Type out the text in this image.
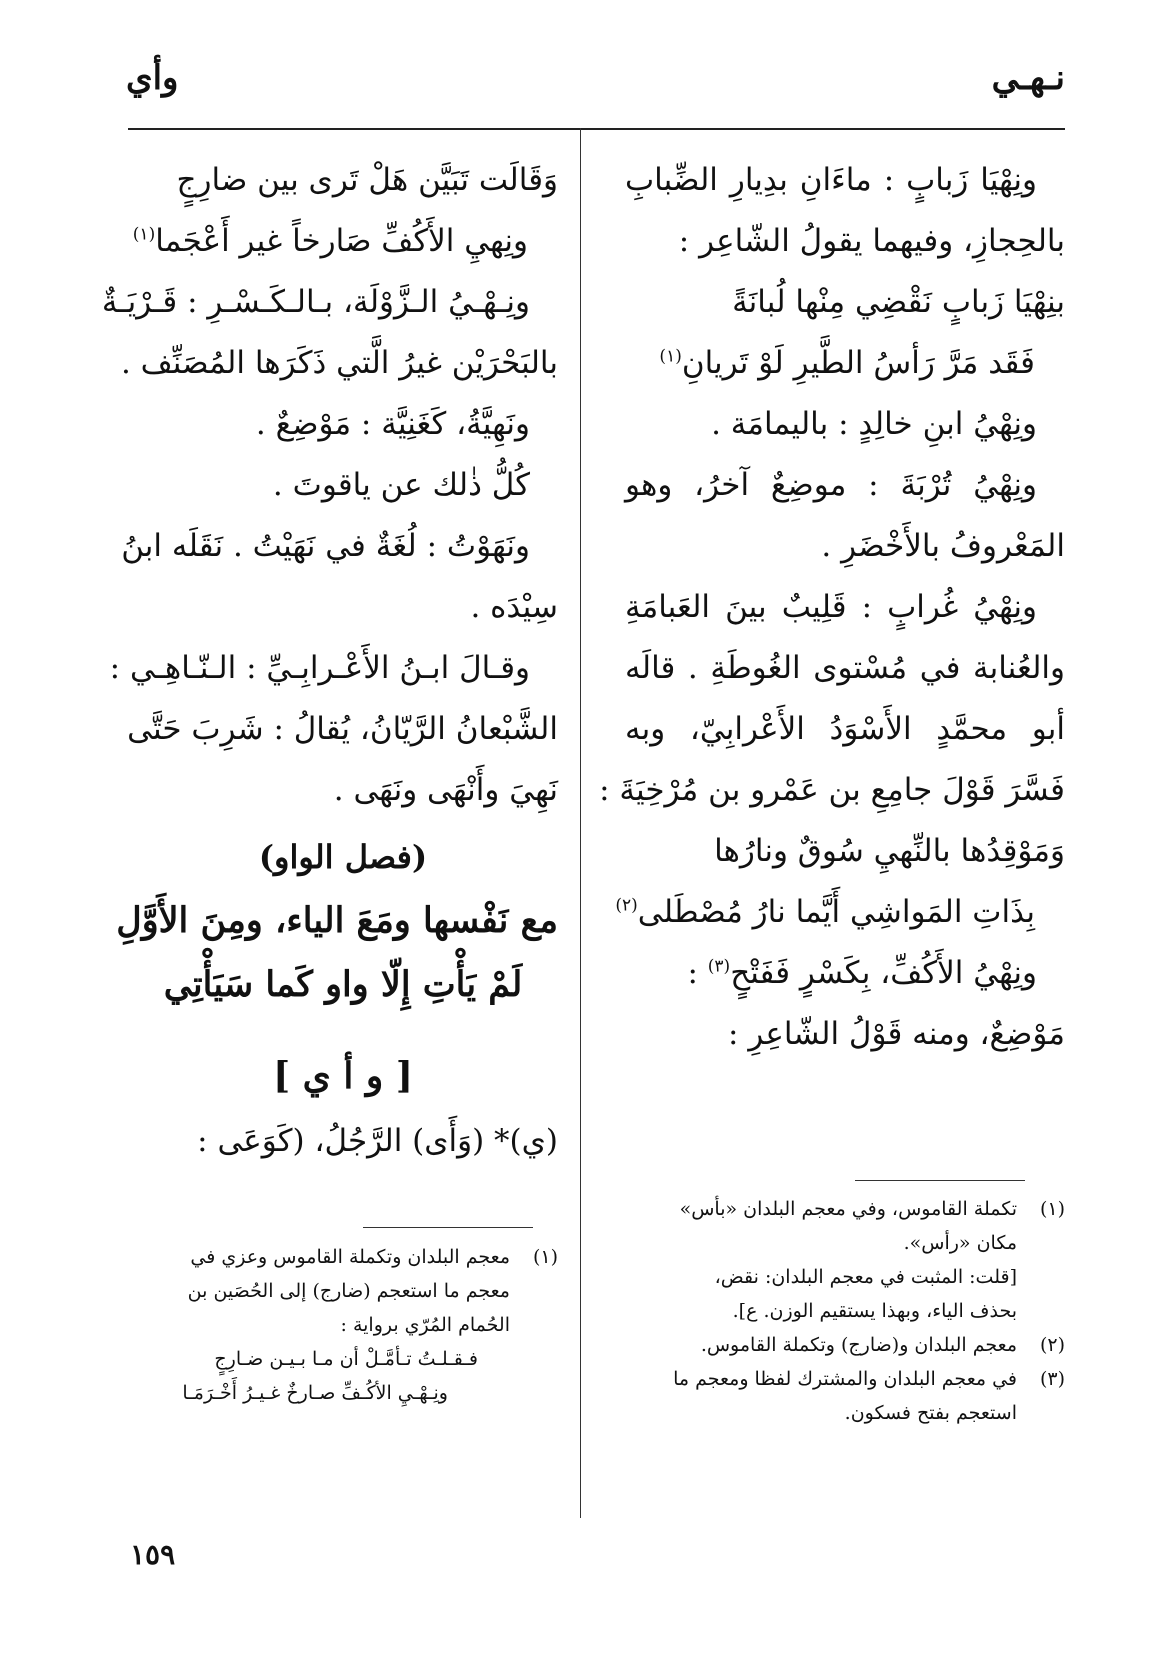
نـهـي
وأي
ونِهْيَا زَبابٍ : ماءَانِ بدِيارِ الضِّبابِ
بالحِجازِ، وفيهما يقولُ الشّاعِر :
بنِهْيَا زَبابٍ نَقْضِي مِنْها لُبانَةً
فَقَد مَرَّ رَأسُ الطَّيرِ لَوْ تَريانِ$^{(١)}$
ونِهْيُ ابنِ خالِدٍ : باليمامَة .
ونِهْيُ تُرْبَةَ : موضِعٌ آخرُ، وهو
المَعْروفُ بالأَخْضَرِ .
ونِهْيُ غُرابٍ : قَلِيبٌ بينَ العَبامَةِ
والعُنابة في مُسْتوى الغُوطَةِ . قالَه
أبو محمَّدٍ الأَسْوَدُ الأَعْرابِيّ، وبه
فَسَّرَ قَوْلَ جامِعِ بن عَمْرو بن مُرْخِيَةَ :
وَمَوْقِدُها بالنِّهيِ سُوقٌ ونارُها
بِذَاتِ المَواشِي أَيَّما نارُ مُصْطَلى$^{(٢)}$
ونِهْيُ الأَكُفِّ، بِكَسْرٍ فَفَتْحٍ$^{(٣)}$ :
مَوْضِعٌ، ومنه قَوْلُ الشّاعِرِ :
وَقَالَت تَبَيَّن هَلْ تَرى بين ضارِجٍ
ونِهيِ الأَكُفِّ صَارخاً غير أَعْجَما$^{(١)}$
ونِـهْـيُ الـزَّوْلَة، بـالـكَـسْـرِ : قَـرْيَـةٌ
بالبَحْرَيْن غيرُ الَّتي ذَكَرَها المُصَنِّف .
ونَهِيَّةُ، كَغَنِيَّة : مَوْضِعٌ .
كُلُّ ذٰلك عن ياقوتَ .
ونَهَوْتُ : لُغَةٌ في نَهَيْتُ . نَقَلَه ابنُ
سِيْدَه .
وقـالَ ابـنُ الأَعْـرابِـيِّ : الـنّـاهِـي :
الشَّبْعانُ الرَّيّانُ، يُقالُ : شَرِبَ حَتَّى
نَهِيَ وأَنْهَى ونَهَى .
(فصل الواو)
مع نَفْسها ومَعَ الياء، ومِنَ الأَوَّلِ
لَمْ يَأْتِ إِلّا واو كَما سَيَأْتِي
[ و أ ي ]
(ي)* (وَأَى) الرَّجُلُ، (كَوَعَى :
(١)
تكملة القاموس، وفي معجم البلدان «بأس»
مكان «رأس».
[قلت: المثبت في معجم البلدان: نقض،
بحذف الياء، وبهذا يستقيم الوزن. ع].
(٢)
معجم البلدان و(ضارج) وتكملة القاموس.
(٣)
في معجم البلدان والمشترك لفظا ومعجم ما
استعجم بفتح فسكون.
(١)
معجم البلدان وتكملة القاموس وعزي في
معجم ما استعجم (ضارج) إلى الحُصَين بن
الحُمام المُرّي برواية :
فـقـلـتُ تـأمَّـلْ أن مـا بـيـن ضـارِجٍ
ونِـهْـيِ الأكُـفِّ صـارخٌ غـيـرُ أَخْـرَمَـا
١٥٩
